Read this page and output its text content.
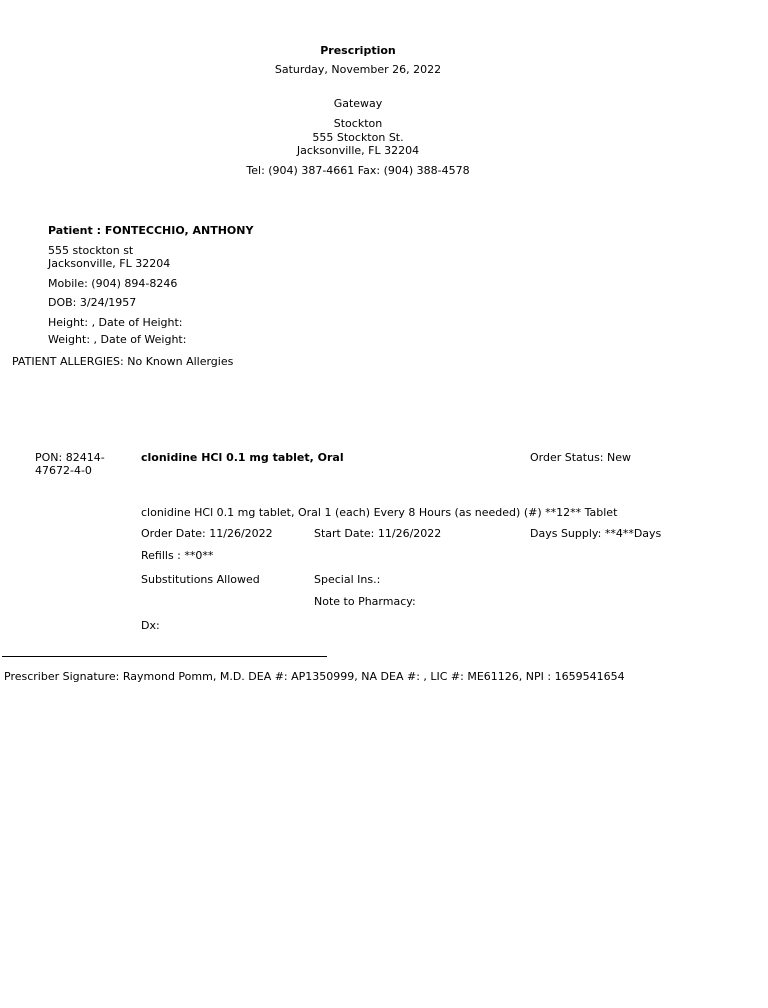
Prescription
Saturday, November 26, 2022
Gateway
Stockton
555 Stockton St.
Jacksonville, FL 32204
Tel: (904) 387-4661 Fax: (904) 388-4578
Patient : FONTECCHIO, ANTHONY
555 stockton st
Jacksonville, FL 32204
Mobile: (904) 894-8246
DOB: 3/24/1957
Height: , Date of Height:
Weight: , Date of Weight:
PATIENT ALLERGIES: No Known Allergies
PON: 82414-
47672-4-0
clonidine HCl 0.1 mg tablet, Oral	Order Status: New
clonidine HCl 0.1 mg tablet, Oral 1 (each) Every 8 Hours (as needed) (#) **12** Tablet
Order Date: 11/26/2022	Start Date: 11/26/2022	Days Supply: **4**Days
Refills : **0**
Substitutions Allowed	Special Ins.:
Note to Pharmacy:
Dx:
Prescriber Signature: Raymond Pomm, M.D. DEA #: AP1350999, NA DEA #: , LIC #: ME61126, NPI : 1659541654
